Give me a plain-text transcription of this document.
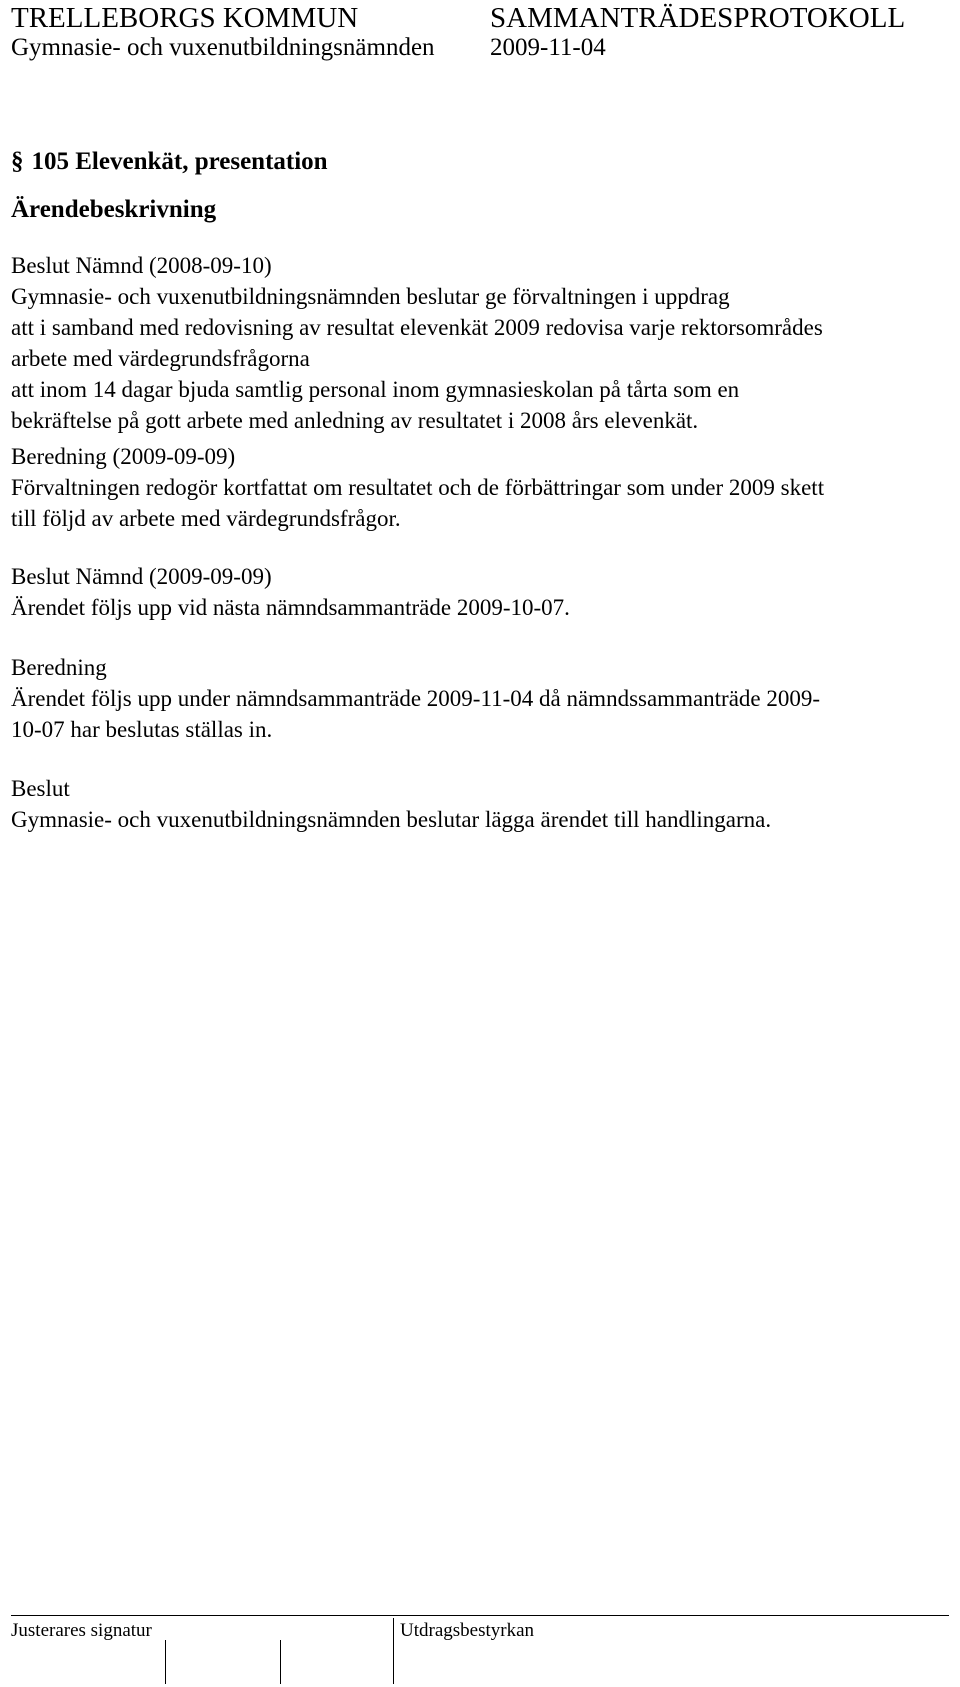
TRELLEBORGS KOMMUN	SAMMANTRÄDESPROTOKOLL
Gymnasie- och vuxenutbildningsnämnden 2009-11-04
§ 105 Elevenkät, presentation
Ärendebeskrivning
Beslut Nämnd (2008-09-10)
Gymnasie- och vuxenutbildningsnämnden beslutar ge förvaltningen i uppdrag
att i samband med redovisning av resultat elevenkät 2009 redovisa varje rektorsområdes
arbete med värdegrundsfrågorna
att inom 14 dagar bjuda samtlig personal inom gymnasieskolan på tårta som en
bekräftelse på gott arbete med anledning av resultatet i 2008 års elevenkät.
Beredning (2009-09-09)
Förvaltningen redogör kortfattat om resultatet och de förbättringar som under 2009 skett
till följd av arbete med värdegrundsfrågor.
Beslut Nämnd (2009-09-09)
Ärendet följs upp vid nästa nämndsammanträde 2009-10-07.
Beredning
Ärendet följs upp under nämndsammanträde 2009-11-04 då nämndssammanträde 2009-
10-07 har beslutas ställas in.
Beslut
Gymnasie- och vuxenutbildningsnämnden beslutar lägga ärendet till handlingarna.
Justerares signatur	Utdragsbestyrkan
